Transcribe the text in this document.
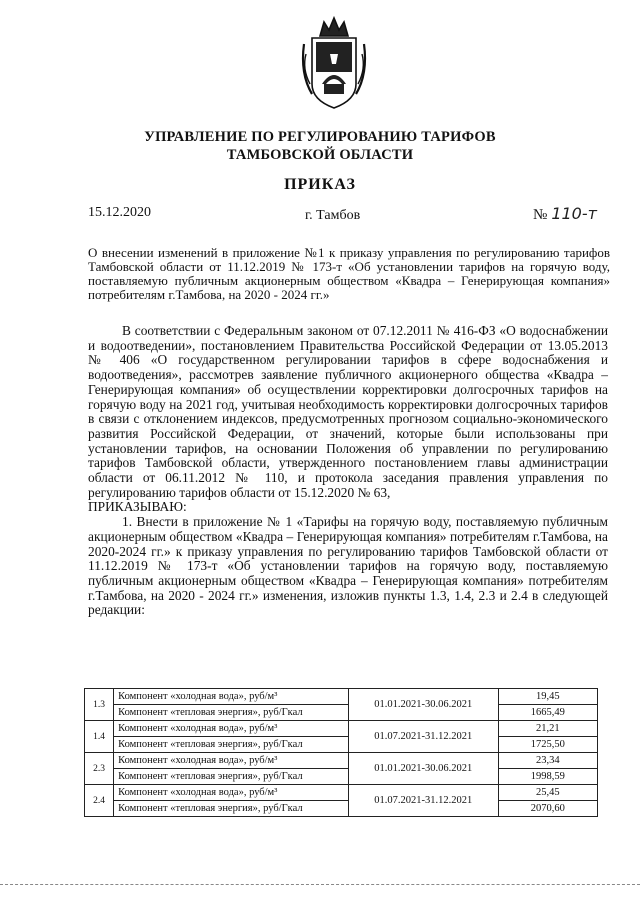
УПРАВЛЕНИЕ ПО РЕГУЛИРОВАНИЮ ТАРИФОВ
ТАМБОВСКОЙ ОБЛАСТИ
ПРИКАЗ
15.12.2020	г. Тамбов	№ 110-т
О внесении изменений в приложение №1 к приказу управления по регулированию тарифов Тамбовской области от 11.12.2019 № 173-т «Об установлении тарифов на горячую воду, поставляемую публичным акционерным обществом «Квадра – Генерирующая компания» потребителям г.Тамбова, на 2020 - 2024 гг.»

В соответствии с Федеральным законом от 07.12.2011 № 416-ФЗ «О водоснабжении и водоотведении», постановлением Правительства Российской Федерации от 13.05.2013 № 406 «О государственном регулировании тарифов в сфере водоснабжения и водоотведения», рассмотрев заявление публичного акционерного общества «Квадра – Генерирующая компания» об осуществлении корректировки долгосрочных тарифов на горячую воду на 2021 год, учитывая необходимость корректировки долгосрочных тарифов в связи с отклонением индексов, предусмотренных прогнозом социально-экономического развития Российской Федерации, от значений, которые были использованы при установлении тарифов, на основании Положения об управлении по регулированию тарифов Тамбовской области, утвержденного постановлением главы администрации области от 06.11.2012 № 110, и протокола заседания правления управления по регулированию тарифов области от 15.12.2020 № 63,

ПРИКАЗЫВАЮ:

1. Внести в приложение № 1 «Тарифы на горячую воду, поставляемую публичным акционерным обществом «Квадра – Генерирующая компания» потребителям г.Тамбова, на 2020-2024 гг.» к приказу управления по регулированию тарифов Тамбовской области от 11.12.2019 № 173-т «Об установлении тарифов на горячую воду, поставляемую публичным акционерным обществом «Квадра – Генерирующая компания» потребителям г.Тамбова, на 2020 - 2024 гг.» изменения, изложив пункты 1.3, 1.4, 2.3 и 2.4 в следующей редакции:

1.3	Компонент «холодная вода», руб/м³	01.01.2021-30.06.2021	19,45
	Компонент «тепловая энергия», руб/Гкал		1665,49
1.4	Компонент «холодная вода», руб/м³	01.07.2021-31.12.2021	21,21
	Компонент «тепловая энергия», руб/Гкал		1725,50
2.3	Компонент «холодная вода», руб/м³	01.01.2021-30.06.2021	23,34
	Компонент «тепловая энергия», руб/Гкал		1998,59
2.4	Компонент «холодная вода», руб/м³	01.07.2021-31.12.2021	25,45
	Компонент «тепловая энергия», руб/Гкал		2070,60
